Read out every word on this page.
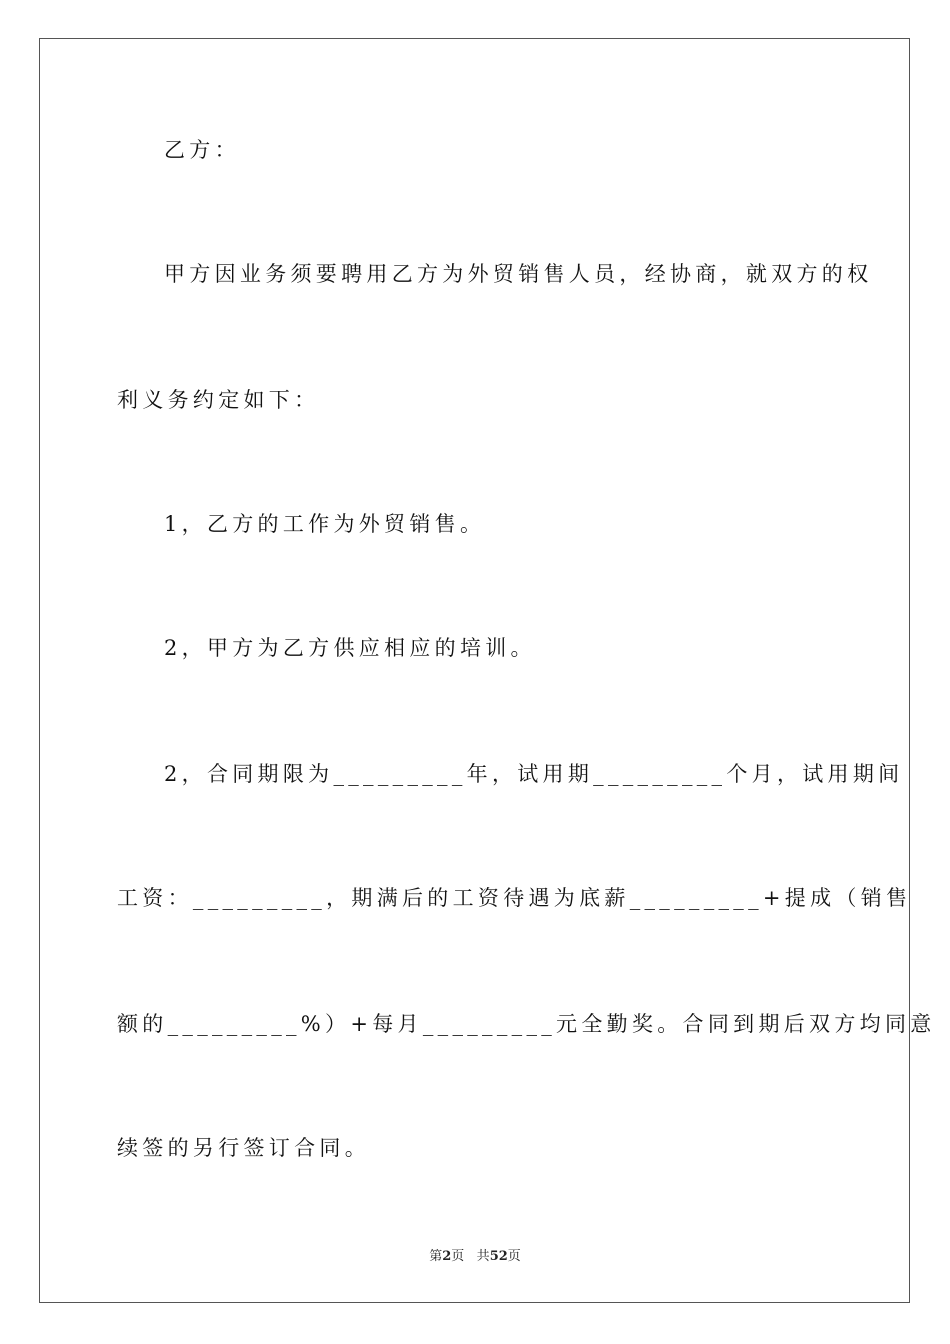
乙方：
甲方因业务须要聘用乙方为外贸销售人员，经协商，就双方的权
利义务约定如下：
1，乙方的工作为外贸销售。
2，甲方为乙方供应相应的培训。
2，合同期限为_________年，试用期_________个月，试用期间
工资：_________，期满后的工资待遇为底薪_________+提成（销售
额的_________%）+每月_________元全勤奖。合同到期后双方均同意
续签的另行签订合同。
第2页 共52页
